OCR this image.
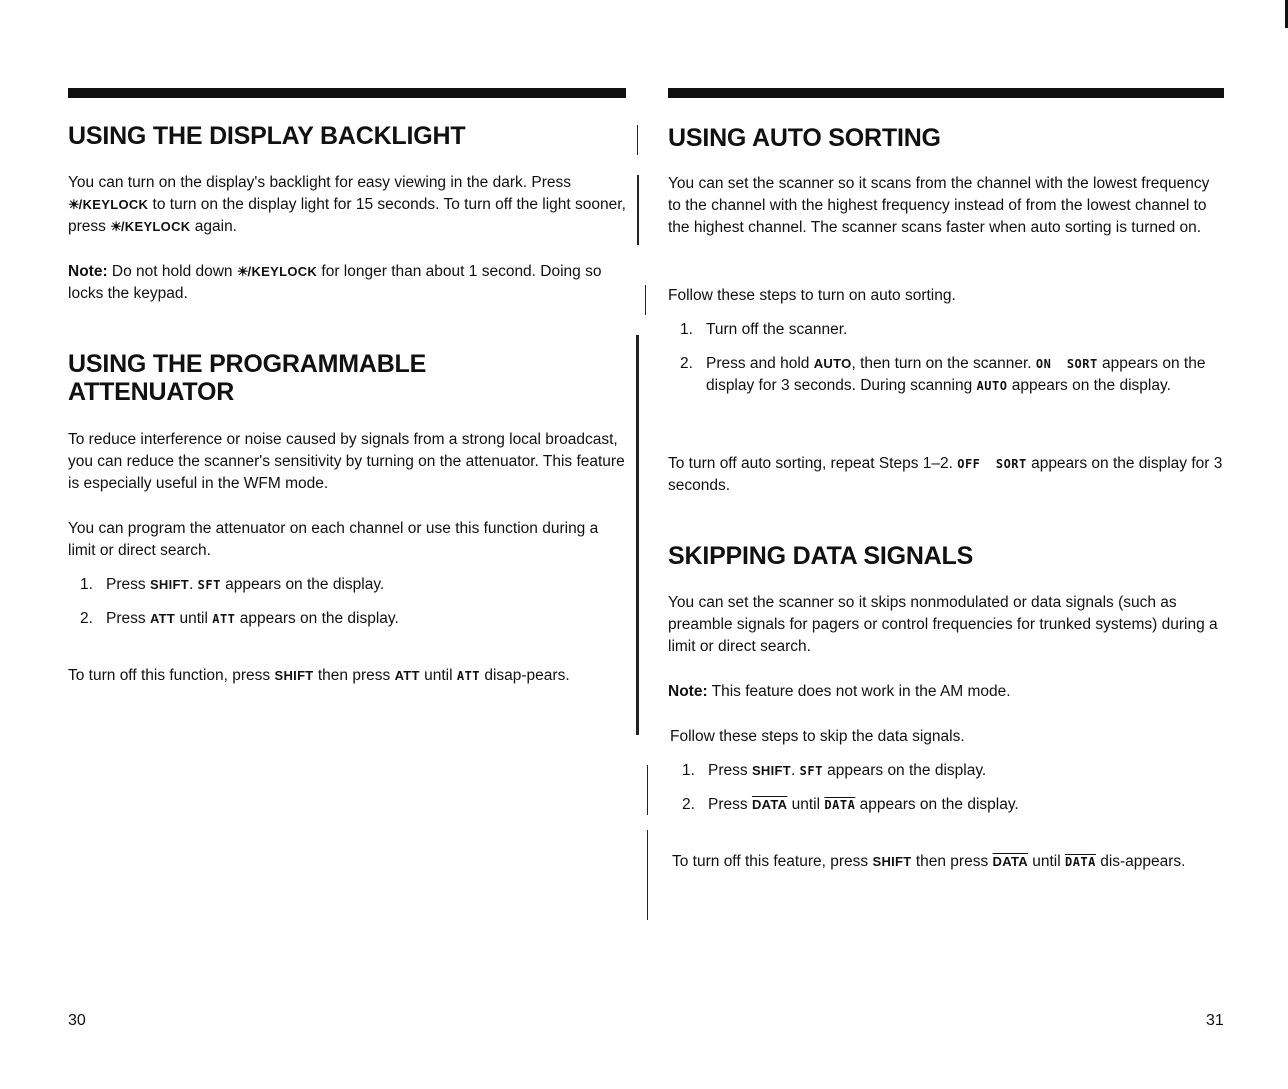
USING THE DISPLAY BACKLIGHT

You can turn on the display's backlight for easy viewing in the dark. Press ☀/KEYLOCK to turn on the display light for 15 seconds. To turn off the light sooner, press ☀/KEYLOCK again.

Note: Do not hold down ☀/KEYLOCK for longer than about 1 second. Doing so locks the keypad.

USING THE PROGRAMMABLE
ATTENUATOR

To reduce interference or noise caused by signals from a strong local broadcast, you can reduce the scanner's sensitivity by turning on the attenuator. This feature is especially useful in the WFM mode.

You can program the attenuator on each channel or use this function during a limit or direct search.

1. Press SHIFT. SFT appears on the display.

2. Press ATT until ATT appears on the display.

To turn off this function, press SHIFT then press ATT until ATT disap-pears.

30
USING AUTO SORTING

You can set the scanner so it scans from the channel with the lowest frequency to the channel with the highest frequency instead of from the lowest channel to the highest channel. The scanner scans faster when auto sorting is turned on.

Follow these steps to turn on auto sorting.

1. Turn off the scanner.

2. Press and hold AUTO, then turn on the scanner. ON  SORT appears on the display for 3 seconds. During scanning AUTO appears on the display.

To turn off auto sorting, repeat Steps 1–2. OFF  SORT appears on the display for 3 seconds.

SKIPPING DATA SIGNALS

You can set the scanner so it skips nonmodulated or data signals (such as preamble signals for pagers or control frequencies for trunked systems) during a limit or direct search.

Note: This feature does not work in the AM mode.

Follow these steps to skip the data signals.

1. Press SHIFT. SFT appears on the display.

2. Press DATA until DATA appears on the display.

To turn off this feature, press SHIFT then press DATA until DATA dis-appears.

31
